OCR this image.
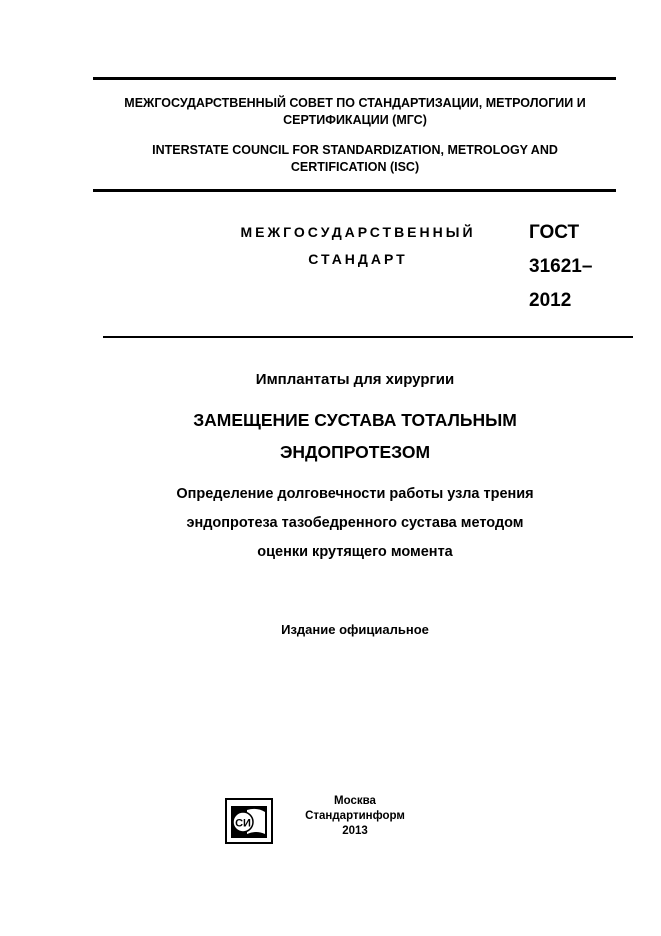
МЕЖГОСУДАРСТВЕННЫЙ СОВЕТ ПО СТАНДАРТИЗАЦИИ, МЕТРОЛОГИИ И СЕРТИФИКАЦИИ (МГС)
INTERSTATE COUNCIL FOR STANDARDIZATION, METROLOGY AND CERTIFICATION (ISC)
МЕЖГОСУДАРСТВЕННЫЙ
СТАНДАРТ
ГОСТ
31621–
2012
Имплантаты для хирургии
ЗАМЕЩЕНИЕ СУСТАВА ТОТАЛЬНЫМ
ЭНДОПРОТЕЗОМ
Определение долговечности работы узла трения
эндопротеза тазобедренного сустава методом
оценки крутящего момента
Издание официальное
СИ
Москва
Стандартинформ
2013
